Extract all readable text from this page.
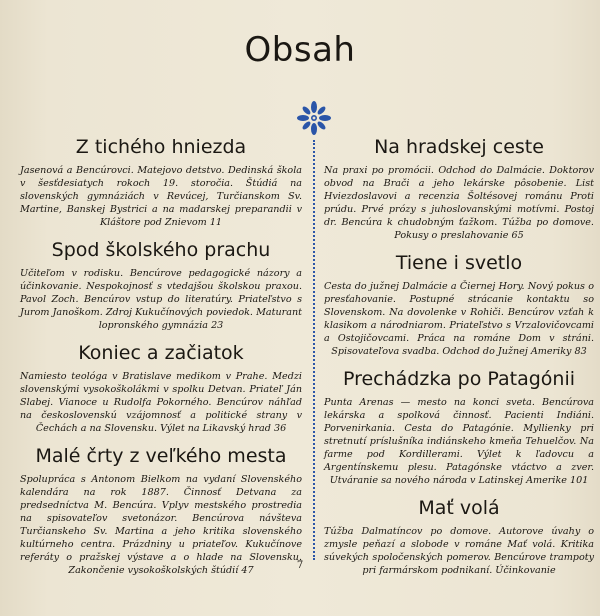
Obsah
Z tichého hniezda

Jasenová a Bencúrovci. Matejovo detstvo. Dedinská škola v šesťdesiatych rokoch 19. storočia. Štúdiá na slovenských gymnáziách v Revúcej, Turčianskom Sv. Martine, Banskej Bystrici a na madarskej preparandii v Kláštore pod Znievom 11

Spod školského prachu

Učiteľom v rodisku. Bencúrove pedagogické názory a účinkovanie. Nespokojnosť s vtedajšou školskou praxou. Pavol Zoch. Bencúrov vstup do literatúry. Priateľstvo s Jurom Janoškom. Zdroj Kukučínových poviedok. Maturant lopronského gymnázia 23

Koniec a začiatok

Namiesto teológa v Bratislave medikom v Prahe. Medzi slovenskými vysokoškolákmi v spolku Detvan. Priateľ Ján Slabej. Vianoce u Rudolfa Pokorného. Bencúrov náhľad na československú vzájomnosť a politické strany v Čechách a na Slovensku. Výlet na Likavský hrad 36

Malé črty z veľkého mesta

Spolupráca s Antonom Bielkom na vydaní Slovenského kalendára na rok 1887. Činnosť Detvana za predsedníctva M. Bencúra. Vplyv mestského prostredia na spisovateľov svetonázor. Bencúrova návšteva Turčianskeho Sv. Martina a jeho kritika slovenského kultúrneho centra. Prázdniny u priateľov. Kukučínove referáty o pražskej výstave a o hlade na Slovensku. Zakončenie vysokoškolských štúdií 47

Na hradskej ceste

Na praxi po promócii. Odchod do Dalmácie. Doktorov obvod na Brači a jeho lekárske pôsobenie. List Hviezdoslavovi a recenzia Šoltésovej románu Proti prúdu. Prvé prózy s juhoslovanskými motívmi. Postoj dr. Bencúra k chudobným ťažkom. Túžba po domove. Pokusy o preslahovanie 65

Tiene i svetlo

Cesta do južnej Dalmácie a Čiernej Hory. Nový pokus o presťahovanie. Postupné strácanie kontaktu so Slovenskom. Na dovolenke v Rohiči. Bencúrov vzťah k klasikom a národniarom. Priateľstvo s Vrzalovičovcami a Ostojičovcami. Práca na románe Dom v stráni. Spisovateľova svadba. Odchod do Južnej Ameriky 83

Prechádzka po Patagónii

Punta Arenas — mesto na konci sveta. Bencúrova lekárska a spolková činnosť. Pacienti Indiáni. Porvenirkania. Cesta do Patagónie. Myllienky pri stretnutí príslušníka indiánskeho kmeňa Tehuelčov. Na farme pod Kordillerami. Výlet k ľadovcu a Argentínskemu plesu. Patagónske vtáctvo a zver. Utváranie sa nového národa v Latinskej Amerike 101

Mať volá

Túžba Dalmatíncov po domove. Autorove úvahy o zmysle peňazí a slobode v románe Mať volá. Kritika súvekých spoločenských pomerov. Bencúrove trampoty pri farmárskom podnikaní. Účinkovanie

7
